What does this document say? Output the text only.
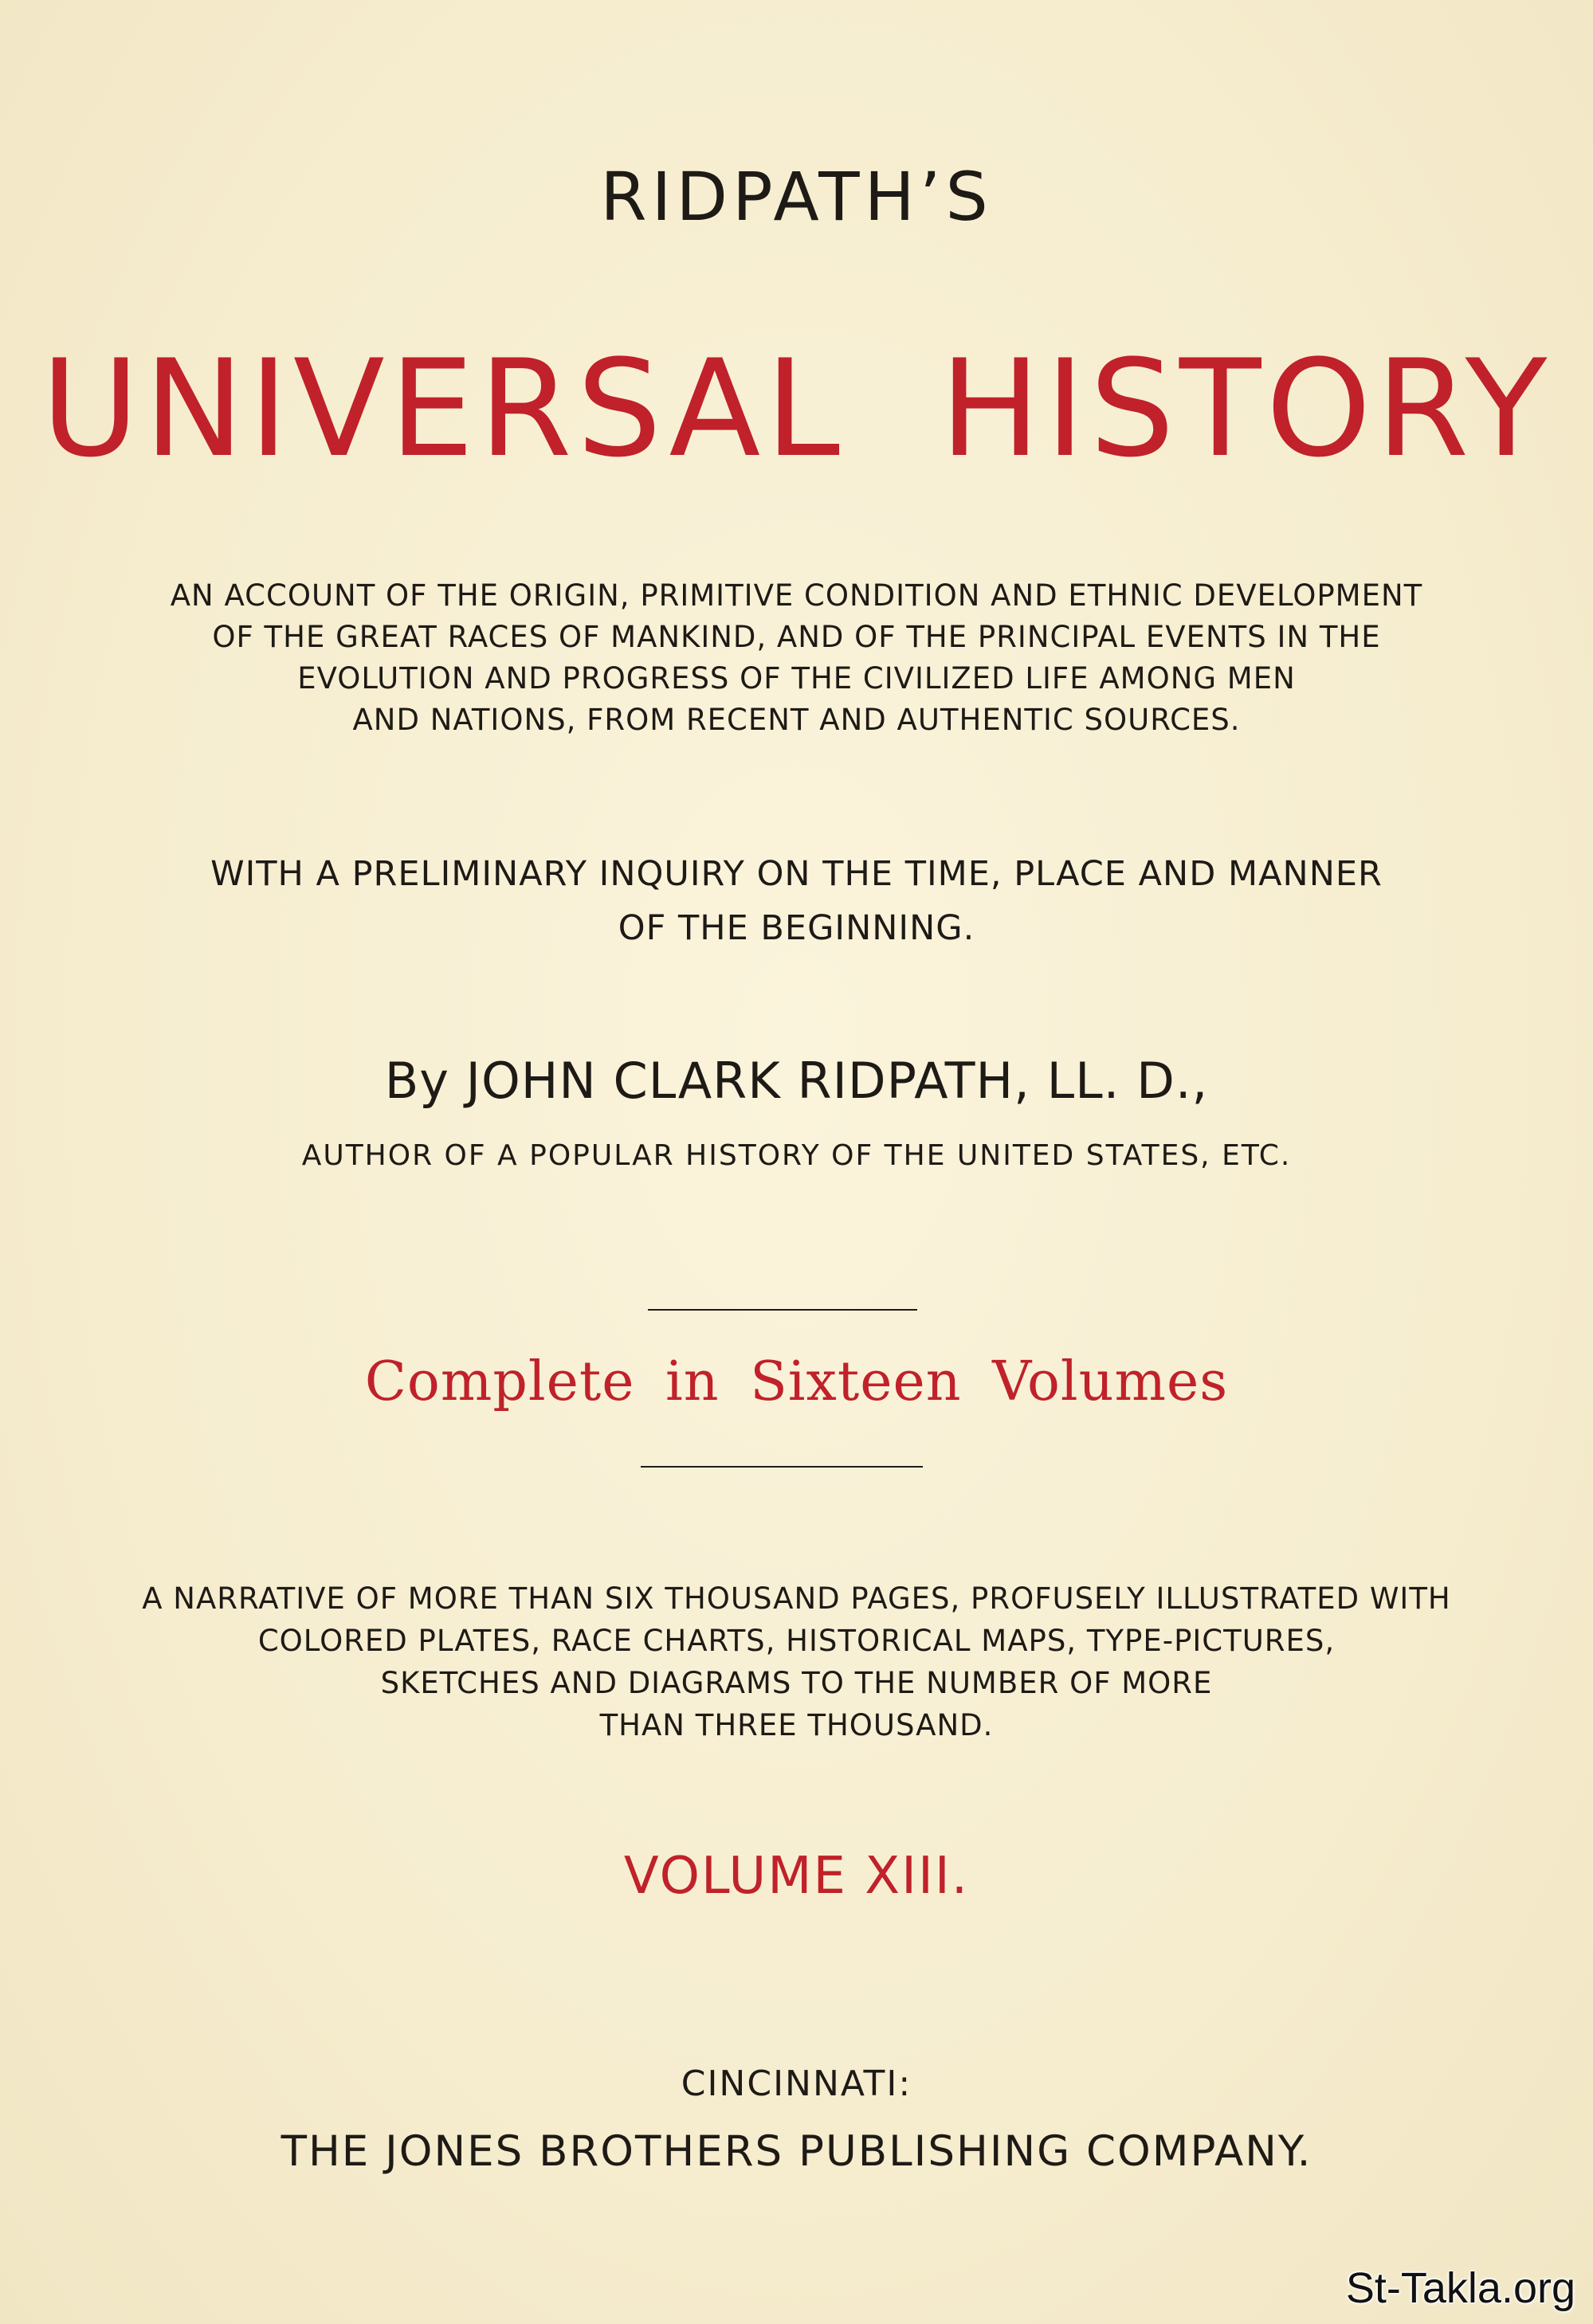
RIDPATH’S
UNIVERSAL HISTORY
AN ACCOUNT OF THE ORIGIN, PRIMITIVE CONDITION AND ETHNIC DEVELOPMENT
OF THE GREAT RACES OF MANKIND, AND OF THE PRINCIPAL EVENTS IN THE
EVOLUTION AND PROGRESS OF THE CIVILIZED LIFE AMONG MEN
AND NATIONS, FROM RECENT AND AUTHENTIC SOURCES.
WITH A PRELIMINARY INQUIRY ON THE TIME, PLACE AND MANNER
OF THE BEGINNING.
By JOHN CLARK RIDPATH, LL. D.,
AUTHOR OF A POPULAR HISTORY OF THE UNITED STATES, ETC.
Complete in Sixteen Volumes
A NARRATIVE OF MORE THAN SIX THOUSAND PAGES, PROFUSELY ILLUSTRATED WITH
COLORED PLATES, RACE CHARTS, HISTORICAL MAPS, TYPE-PICTURES,
SKETCHES AND DIAGRAMS TO THE NUMBER OF MORE
THAN THREE THOUSAND.
VOLUME XIII.
CINCINNATI:
THE JONES BROTHERS PUBLISHING COMPANY.
St-Takla.org
